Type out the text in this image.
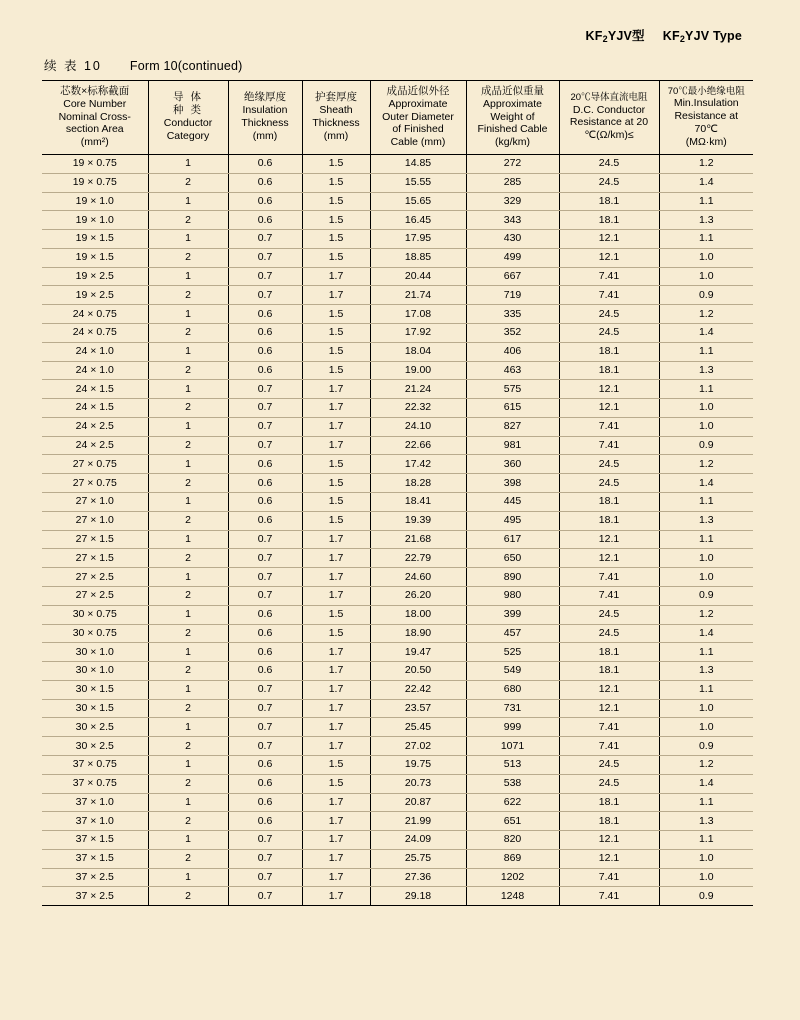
$KF_2YJV$型 $KF_2YJV$ Type
续 表 10 Form 10(continued)
芯数×标称截面
Core Number
Nominal Cross-
section Area
(mm²)	导 体
种 类
Conductor
Category	绝缘厚度
Insulation
Thickness
(mm)	护套厚度
Sheath
Thickness
(mm)	成品近似外径
Approximate
Outer Diameter
of Finished
Cable (mm)	成品近似重量
Approximate
Weight of
Finished Cable
(kg/km)	20℃导体直流电阻
D.C. Conductor
Resistance at 20
℃(Ω/km)≤	70℃最小绝缘电阻
Min.Insulation
Resistance at 70℃
(MΩ·km)

19 × 0.75	1	0.6	1.5	14.85	272	24.5	1.2
19 × 0.75	2	0.6	1.5	15.55	285	24.5	1.4
19 × 1.0	1	0.6	1.5	15.65	329	18.1	1.1
19 × 1.0	2	0.6	1.5	16.45	343	18.1	1.3
19 × 1.5	1	0.7	1.5	17.95	430	12.1	1.1
19 × 1.5	2	0.7	1.5	18.85	499	12.1	1.0
19 × 2.5	1	0.7	1.7	20.44	667	7.41	1.0
19 × 2.5	2	0.7	1.7	21.74	719	7.41	0.9
24 × 0.75	1	0.6	1.5	17.08	335	24.5	1.2
24 × 0.75	2	0.6	1.5	17.92	352	24.5	1.4
24 × 1.0	1	0.6	1.5	18.04	406	18.1	1.1
24 × 1.0	2	0.6	1.5	19.00	463	18.1	1.3
24 × 1.5	1	0.7	1.7	21.24	575	12.1	1.1
24 × 1.5	2	0.7	1.7	22.32	615	12.1	1.0
24 × 2.5	1	0.7	1.7	24.10	827	7.41	1.0
24 × 2.5	2	0.7	1.7	22.66	981	7.41	0.9
27 × 0.75	1	0.6	1.5	17.42	360	24.5	1.2
27 × 0.75	2	0.6	1.5	18.28	398	24.5	1.4
27 × 1.0	1	0.6	1.5	18.41	445	18.1	1.1
27 × 1.0	2	0.6	1.5	19.39	495	18.1	1.3
27 × 1.5	1	0.7	1.7	21.68	617	12.1	1.1
27 × 1.5	2	0.7	1.7	22.79	650	12.1	1.0
27 × 2.5	1	0.7	1.7	24.60	890	7.41	1.0
27 × 2.5	2	0.7	1.7	26.20	980	7.41	0.9
30 × 0.75	1	0.6	1.5	18.00	399	24.5	1.2
30 × 0.75	2	0.6	1.5	18.90	457	24.5	1.4
30 × 1.0	1	0.6	1.7	19.47	525	18.1	1.1
30 × 1.0	2	0.6	1.7	20.50	549	18.1	1.3
30 × 1.5	1	0.7	1.7	22.42	680	12.1	1.1
30 × 1.5	2	0.7	1.7	23.57	731	12.1	1.0
30 × 2.5	1	0.7	1.7	25.45	999	7.41	1.0
30 × 2.5	2	0.7	1.7	27.02	1071	7.41	0.9
37 × 0.75	1	0.6	1.5	19.75	513	24.5	1.2
37 × 0.75	2	0.6	1.5	20.73	538	24.5	1.4
37 × 1.0	1	0.6	1.7	20.87	622	18.1	1.1
37 × 1.0	2	0.6	1.7	21.99	651	18.1	1.3
37 × 1.5	1	0.7	1.7	24.09	820	12.1	1.1
37 × 1.5	2	0.7	1.7	25.75	869	12.1	1.0
37 × 2.5	1	0.7	1.7	27.36	1202	7.41	1.0
37 × 2.5	2	0.7	1.7	29.18	1248	7.41	0.9
